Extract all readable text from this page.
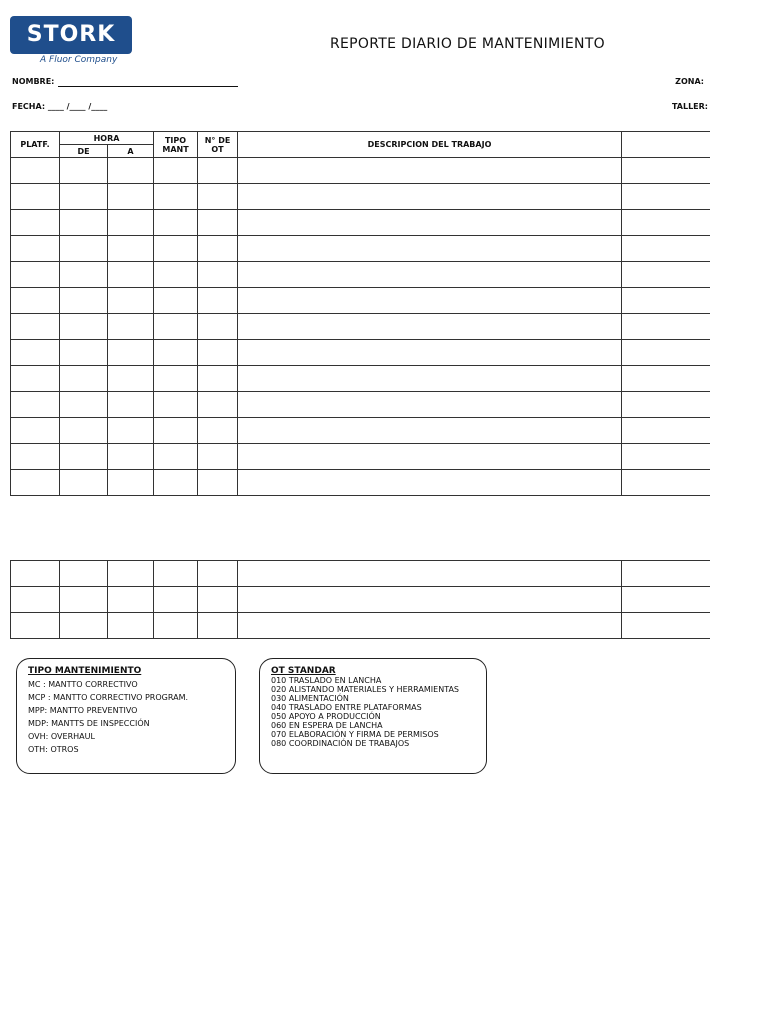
STORK
A Fluor Company
REPORTE DIARIO DE MANTENIMIENTO
NOMBRE:	ZONA:
FECHA: ____ /____ /____	TALLER:
PLATF.	HORA		TIPO MANT	N° DE OT	DESCRIPCION DEL TRABAJO	
	DE	A				

TIPO MANTENIMIENTO
MC : MANTTO CORRECTIVO
MCP : MANTTO CORRECTIVO PROGRAM.
MPP: MANTTO PREVENTIVO
MDP: MANTTS DE INSPECCIÓN
OVH: OVERHAUL
OTH: OTROS
OT STANDAR
010 TRASLADO EN LANCHA
020 ALISTANDO MATERIALES Y HERRAMIENTAS
030 ALIMENTACIÓN
040 TRASLADO ENTRE PLATAFORMAS
050 APOYO A PRODUCCIÓN
060 EN ESPERA DE LANCHA
070 ELABORACIÓN Y FIRMA DE PERMISOS
080 COORDINACIÓN DE TRABAJOS
